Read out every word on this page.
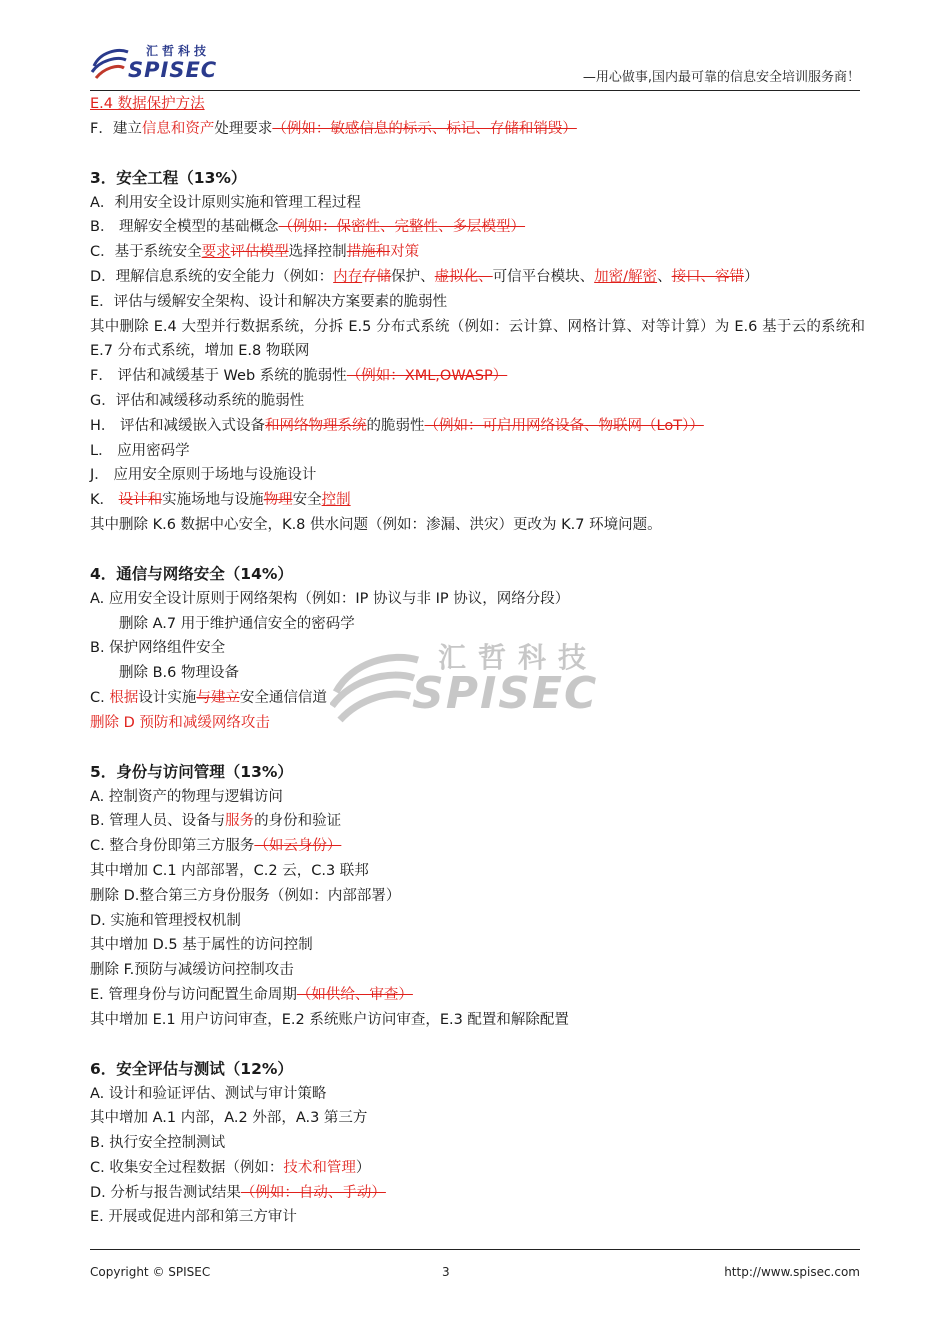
汇哲科技
SPISEC	—用心做事,国内最可靠的信息安全培训服务商！
汇哲科技
SPISEC
E.4 数据保护方法
F．建立信息和资产处理要求（例如：敏感信息的标示、标记、存储和销毁）
3．安全工程（13%）
A．利用安全设计原则实施和管理工程过程
B． 理解安全模型的基础概念（例如：保密性、完整性、多层模型）
C．基于系统安全要求评估模型选择控制措施和对策
D．理解信息系统的安全能力（例如：内存存储保护、虚拟化、可信平台模块、加密/解密、接口、容错）
E．评估与缓解安全架构、设计和解决方案要素的脆弱性
其中删除 E.4 大型并行数据系统，分拆 E.5 分布式系统（例如：云计算、网格计算、对等计算）为 E.6 基于云的系统和 E.7 分布式系统，增加 E.8 物联网
F． 评估和减缓基于 Web 系统的脆弱性（例如：XML,OWASP）
G．评估和减缓移动系统的脆弱性
H． 评估和减缓嵌入式设备和网络物理系统的脆弱性（例如：可启用网络设备、物联网（LoT））
L． 应用密码学
J． 应用安全原则于场地与设施设计
K． 设计和实施场地与设施物理安全控制
其中删除 K.6 数据中心安全，K.8 供水问题（例如：渗漏、洪灾）更改为 K.7 环境问题。
4．通信与网络安全（14%）
A. 应用安全设计原则于网络架构（例如：IP 协议与非 IP 协议，网络分段）
删除 A.7 用于维护通信安全的密码学
B. 保护网络组件安全
删除 B.6 物理设备
C. 根据设计实施与建立安全通信信道
删除 D 预防和减缓网络攻击
5．身份与访问管理（13%）
A. 控制资产的物理与逻辑访问
B. 管理人员、设备与服务的身份和验证
C. 整合身份即第三方服务（如云身份）
其中增加 C.1 内部部署，C.2 云，C.3 联邦
删除 D.整合第三方身份服务（例如：内部部署）
D. 实施和管理授权机制
其中增加 D.5 基于属性的访问控制
删除 F.预防与减缓访问控制攻击
E. 管理身份与访问配置生命周期（如供给、审查）
其中增加 E.1 用户访问审查，E.2 系统账户访问审查，E.3 配置和解除配置
6．安全评估与测试（12%）
A. 设计和验证评估、测试与审计策略
其中增加 A.1 内部，A.2 外部，A.3 第三方
B. 执行安全控制测试
C. 收集安全过程数据（例如：技术和管理）
D. 分析与报告测试结果（例如：自动、手动）
E. 开展或促进内部和第三方审计
Copyright © SPISEC	3	http://www.spisec.com
